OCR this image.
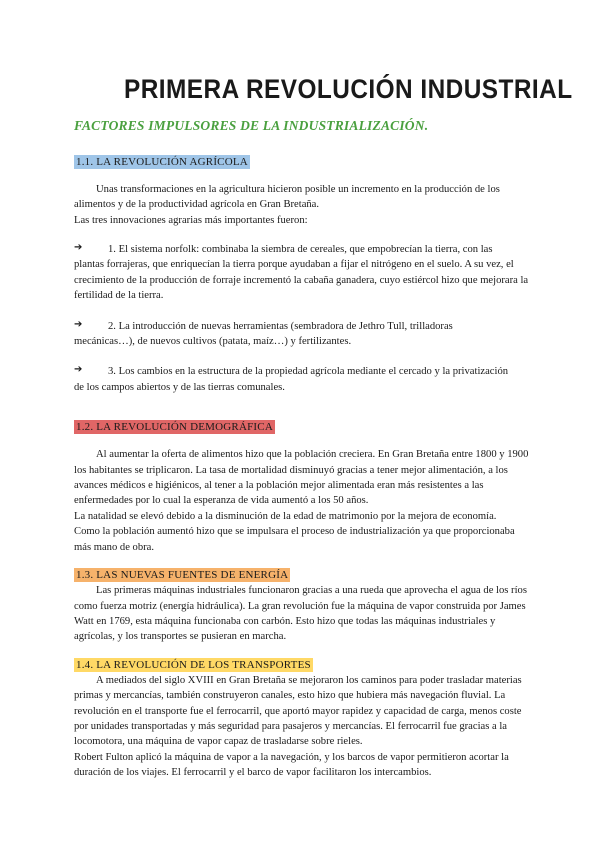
PRIMERA REVOLUCIÓN INDUSTRIAL
FACTORES IMPULSORES DE LA INDUSTRIALIZACIÓN.
1.1. LA REVOLUCIÓN AGRÍCOLA

Unas transformaciones en la agricultura hicieron posible un incremento en la producción de los alimentos y de la productividad agrícola en Gran Bretaña.

Las tres innovaciones agrarias más importantes fueron:

➔	1. El sistema norfolk: combinaba la siembra de cereales, que empobrecían la tierra, con las

plantas forrajeras, que enriquecían la tierra porque ayudaban a fijar el nitrógeno en el suelo. A su vez, el crecimiento de la producción de forraje incrementó la cabaña ganadera, cuyo estiércol hizo que mejorara la fertilidad de la tierra.

➔	2. La introducción de nuevas herramientas (sembradora de Jethro Tull, trilladoras

mecánicas…), de nuevos cultivos (patata, maíz…) y fertilizantes.

➔	3. Los cambios en la estructura de la propiedad agrícola mediante el cercado y la privatización

de los campos abiertos y de las tierras comunales.

1.2. LA REVOLUCIÓN DEMOGRÁFICA

Al aumentar la oferta de alimentos hizo que la población creciera. En Gran Bretaña entre 1800 y 1900 los habitantes se triplicaron. La tasa de mortalidad disminuyó gracias a tener mejor alimentación, a los avances médicos e higiénicos, al tener a la población mejor alimentada eran más resistentes a las enfermedades por lo cual la esperanza de vida aumentó a los 50 años.

La natalidad se elevó debido a la disminución de la edad de matrimonio por la mejora de economía.

Como la población aumentó hizo que se impulsara el proceso de industrialización ya que proporcionaba más mano de obra.

1.3. LAS NUEVAS FUENTES DE ENERGÍA

Las primeras máquinas industriales funcionaron gracias a una rueda que aprovecha el agua de los ríos como fuerza motriz (energía hidráulica). La gran revolución fue la máquina de vapor construida por James Watt en 1769, esta máquina funcionaba con carbón. Esto hizo que todas las máquinas industriales y agrícolas, y los transportes se pusieran en marcha.

1.4. LA REVOLUCIÓN DE LOS TRANSPORTES

A mediados del siglo XVIII en Gran Bretaña se mejoraron los caminos para poder trasladar materias primas y mercancías, también construyeron canales, esto hizo que hubiera más navegación fluvial. La revolución en el transporte fue el ferrocarril, que aportó mayor rapidez y capacidad de carga, menos coste por unidades transportadas y más seguridad para pasajeros y mercancías. El ferrocarril fue gracias a la locomotora, una máquina de vapor capaz de trasladarse sobre rieles.

Robert Fulton aplicó la máquina de vapor a la navegación, y los barcos de vapor permitieron acortar la duración de los viajes. El ferrocarril y el barco de vapor facilitaron los intercambios.
